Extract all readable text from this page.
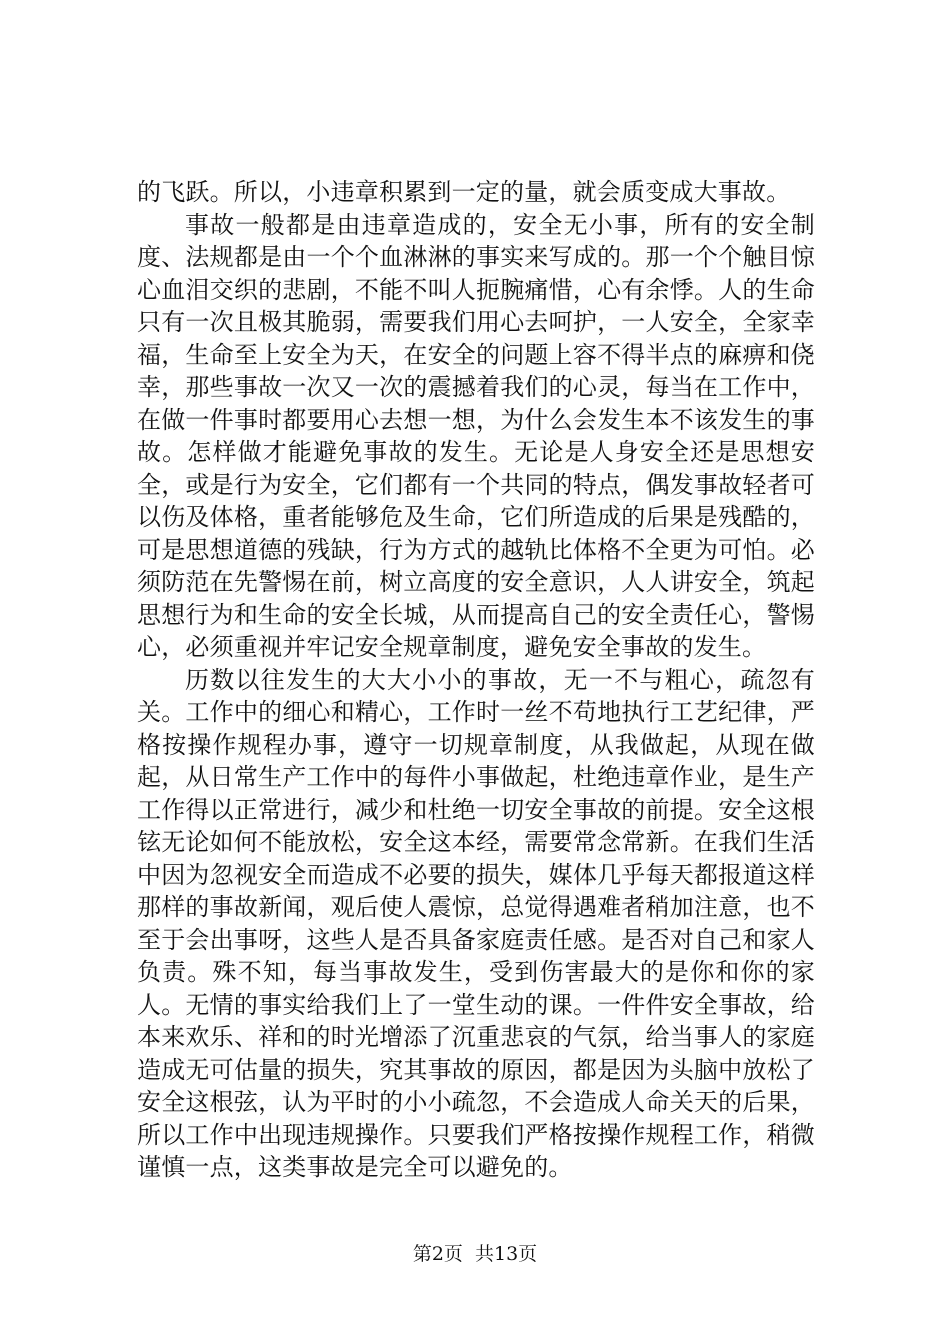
的飞跃。所以，小违章积累到一定的量，就会质变成大事故。

事故一般都是由违章造成的，安全无小事，所有的安全制度、法规都是由一个个血淋淋的事实来写成的。那一个个触目惊心血泪交织的悲剧，不能不叫人扼腕痛惜，心有余悸。人的生命只有一次且极其脆弱，需要我们用心去呵护，一人安全，全家幸福，生命至上安全为天，在安全的问题上容不得半点的麻痹和侥幸，那些事故一次又一次的震撼着我们的心灵，每当在工作中，在做一件事时都要用心去想一想，为什么会发生本不该发生的事故。怎样做才能避免事故的发生。无论是人身安全还是思想安全，或是行为安全，它们都有一个共同的特点，偶发事故轻者可以伤及体格，重者能够危及生命，它们所造成的后果是残酷的，可是思想道德的残缺，行为方式的越轨比体格不全更为可怕。必须防范在先警惕在前，树立高度的安全意识，人人讲安全，筑起思想行为和生命的安全长城，从而提高自己的安全责任心，警惕心，必须重视并牢记安全规章制度，避免安全事故的发生。

历数以往发生的大大小小的事故，无一不与粗心，疏忽有关。工作中的细心和精心，工作时一丝不苟地执行工艺纪律，严格按操作规程办事，遵守一切规章制度，从我做起，从现在做起，从日常生产工作中的每件小事做起，杜绝违章作业，是生产工作得以正常进行，减少和杜绝一切安全事故的前提。安全这根铉无论如何不能放松，安全这本经，需要常念常新。在我们生活中因为忽视安全而造成不必要的损失，媒体几乎每天都报道这样那样的事故新闻，观后使人震惊，总觉得遇难者稍加注意，也不至于会出事呀，这些人是否具备家庭责任感。是否对自己和家人负责。殊不知，每当事故发生，受到伤害最大的是你和你的家人。无情的事实给我们上了一堂生动的课。一件件安全事故，给本来欢乐、祥和的时光增添了沉重悲哀的气氛，给当事人的家庭造成无可估量的损失，究其事故的原因，都是因为头脑中放松了安全这根弦，认为平时的小小疏忽，不会造成人命关天的后果，所以工作中出现违规操作。只要我们严格按操作规程工作，稍微谨慎一点，这类事故是完全可以避免的。

第2页 共13页
